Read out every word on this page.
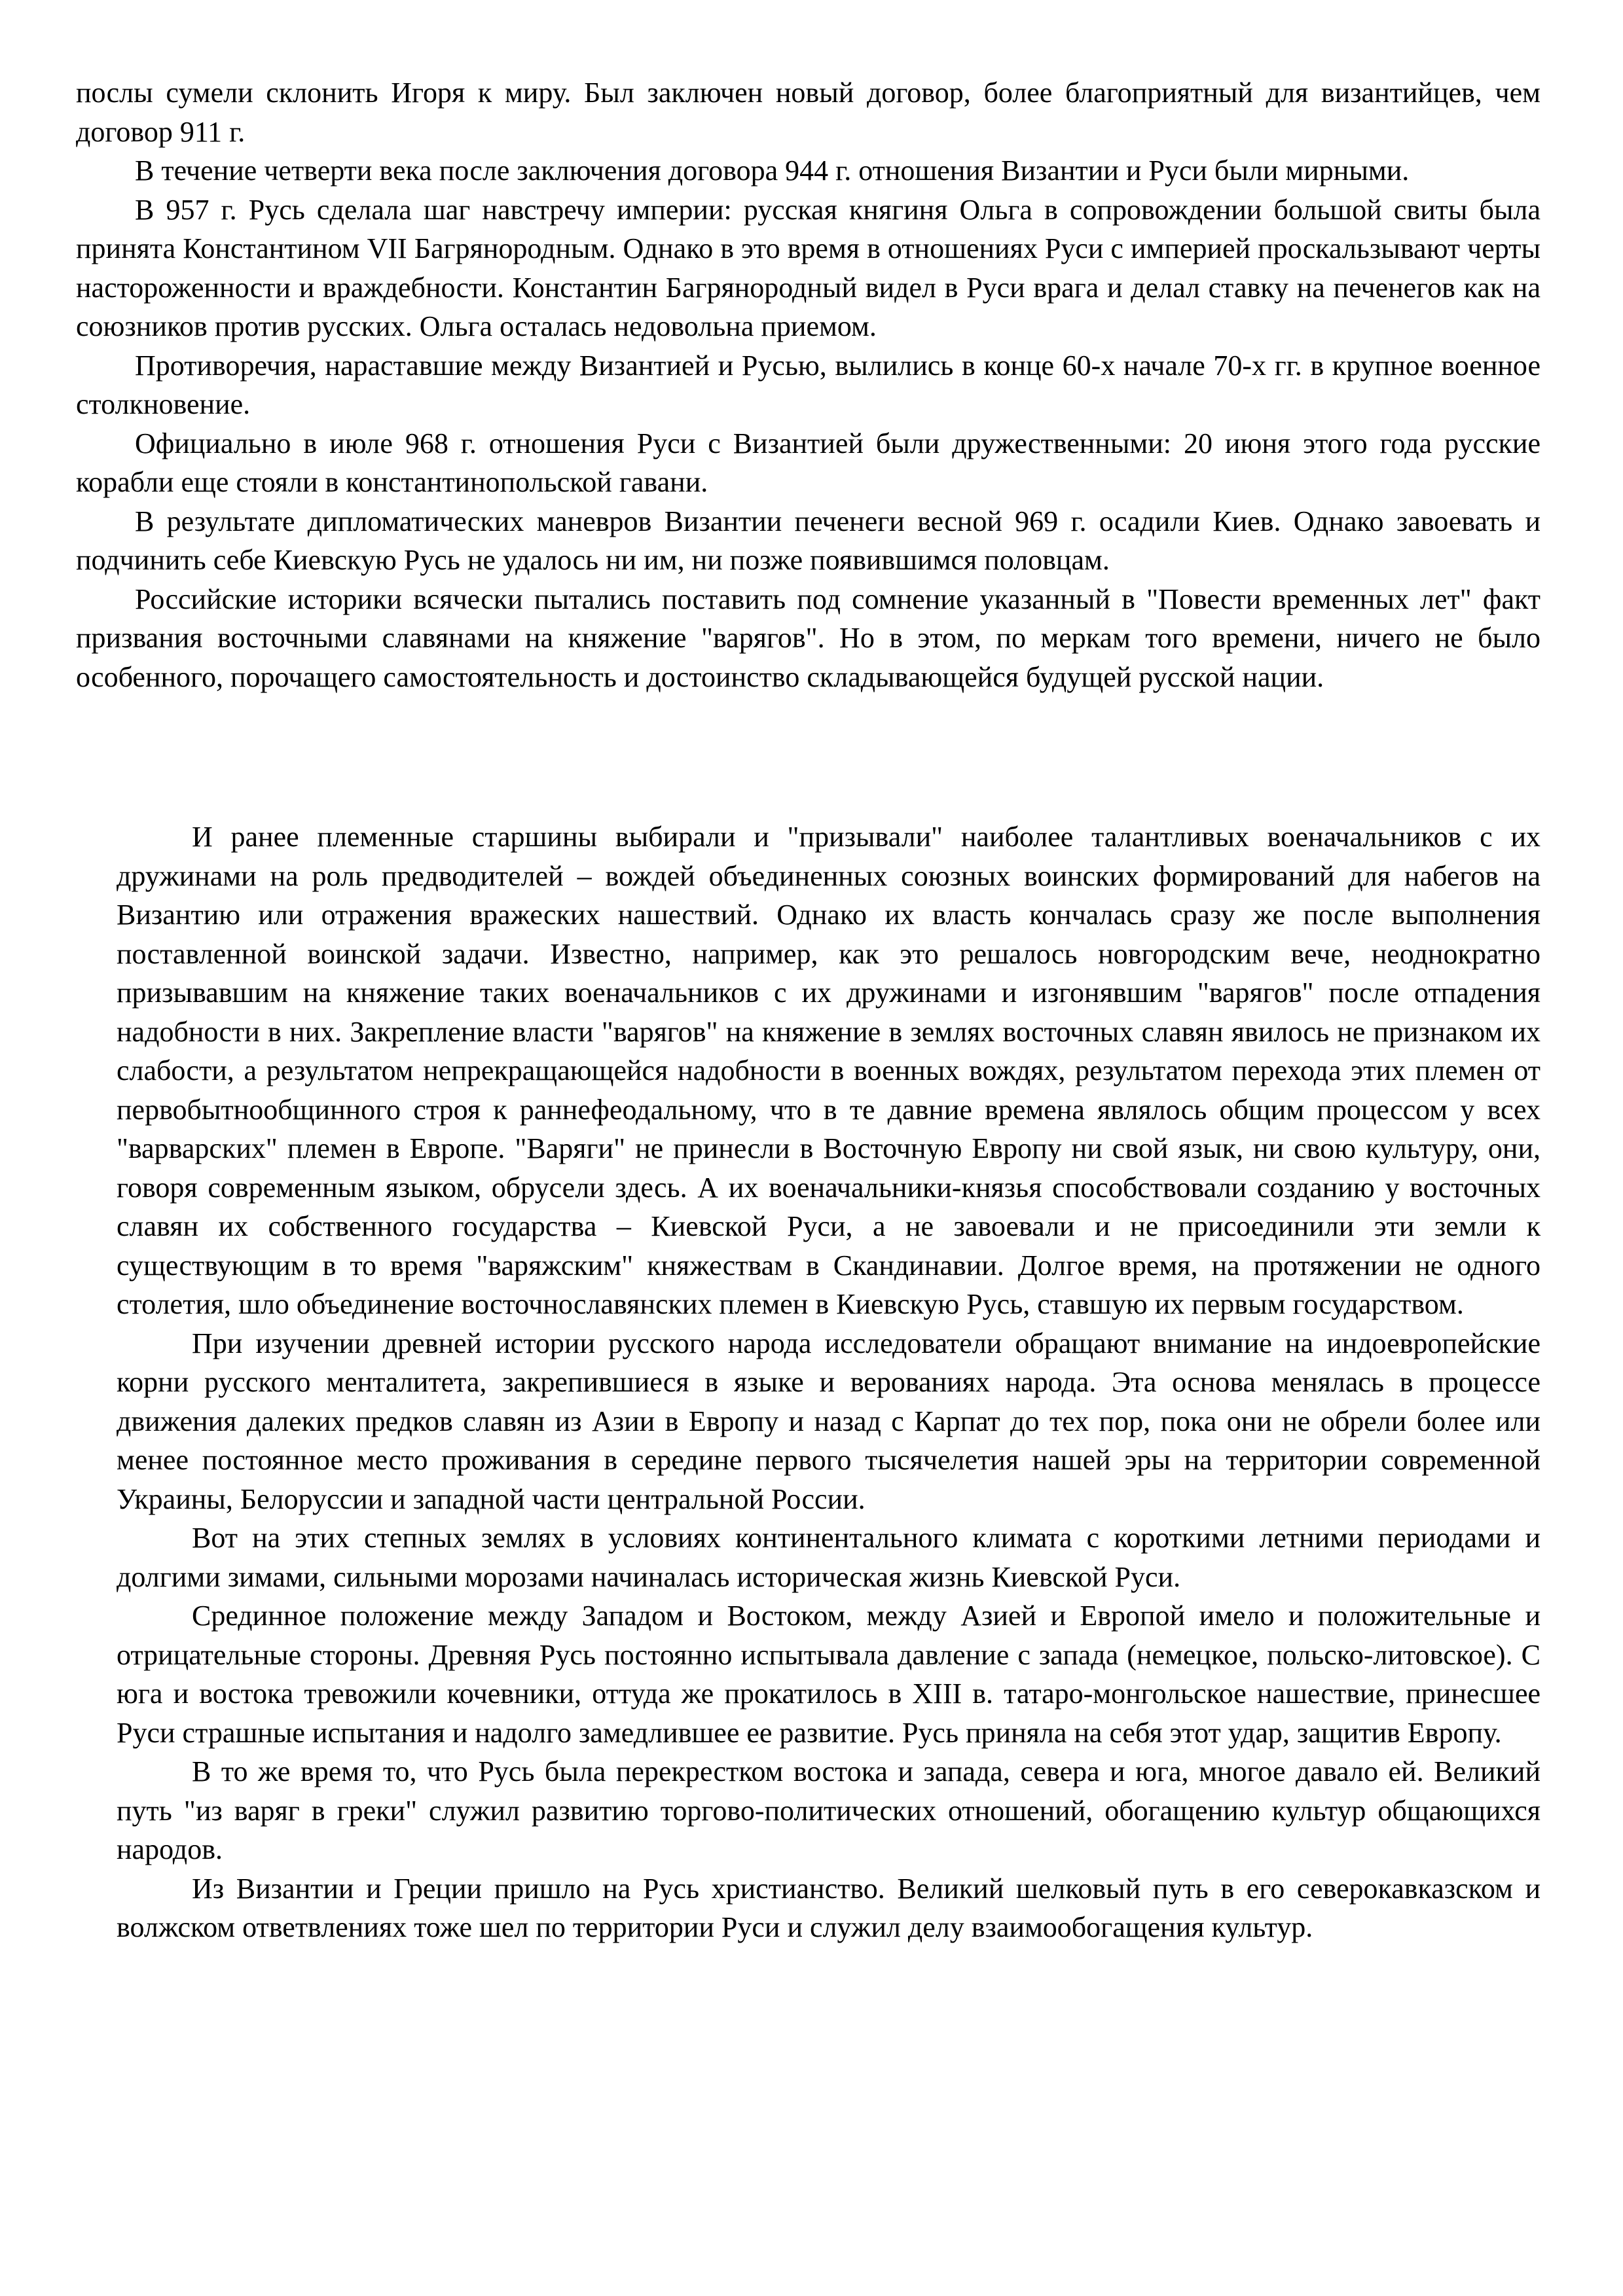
послы сумели склонить Игоря к миру. Был заключен новый договор, более благоприятный для византийцев, чем договор 911 г.

В течение четверти века после заключения договора 944 г. отношения Византии и Руси были мирными.

В 957 г. Русь сделала шаг навстречу империи: русская княгиня Ольга в сопровождении большой свиты была принята Константином VII Багрянородным. Однако в это время в отношениях Руси с империей проскальзывают черты настороженности и враждебности. Константин Багрянородный видел в Руси врага и делал ставку на печенегов как на союзников против русских. Ольга осталась недовольна приемом.

Противоречия, нараставшие между Византией и Русью, вылились в конце 60-х начале 70-х гг. в крупное военное столкновение.

Официально в июле 968 г. отношения Руси с Византией были дружественными: 20 июня этого года русские корабли еще стояли в константинопольской гавани.

В результате дипломатических маневров Византии печенеги весной 969 г. осадили Киев. Однако завоевать и подчинить себе Киевскую Русь не удалось ни им, ни позже появившимся половцам.

Российские историки всячески пытались поставить под сомнение указанный в "Повести временных лет" факт призвания восточными славянами на княжение "варягов". Но в этом, по меркам того времени, ничего не было особенного, порочащего самостоятельность и достоинство складывающейся будущей русской нации.

И ранее племенные старшины выбирали и "призывали" наиболее талантливых военачальников с их дружинами на роль предводителей – вождей объединенных союзных воинских формирований для набегов на Византию или отражения вражеских нашествий. Однако их власть кончалась сразу же после выполнения поставленной воинской задачи. Известно, например, как это решалось новгородским вече, неоднократно призывавшим на княжение таких военачальников с их дружинами и изгонявшим "варягов" после отпадения надобности в них. Закрепление власти "варягов" на княжение в землях восточных славян явилось не признаком их слабости, а результатом непрекращающейся надобности в военных вождях, результатом перехода этих племен от первобытнообщинного строя к раннефеодальному, что в те давние времена являлось общим процессом у всех "варварских" племен в Европе. "Варяги" не принесли в Восточную Европу ни свой язык, ни свою культуру, они, говоря современным языком, обрусели здесь. А их военачальники-князья способствовали созданию у восточных славян их собственного государства – Киевской Руси, а не завоевали и не присоединили эти земли к существующим в то время "варяжским" княжествам в Скандинавии. Долгое время, на протяжении не одного столетия, шло объединение восточнославянских племен в Киевскую Русь, ставшую их первым государством.

При изучении древней истории русского народа исследователи обращают внимание на индоевропейские корни русского менталитета, закрепившиеся в языке и верованиях народа. Эта основа менялась в процессе движения далеких предков славян из Азии в Европу и назад с Карпат до тех пор, пока они не обрели более или менее постоянное место проживания в середине первого тысячелетия нашей эры на территории современной Украины, Белоруссии и западной части центральной России.

Вот на этих степных землях в условиях континентального климата с короткими летними периодами и долгими зимами, сильными морозами начиналась историческая жизнь Киевской Руси.

Срединное положение между Западом и Востоком, между Азией и Европой имело и положительные и отрицательные стороны. Древняя Русь постоянно испытывала давление с запада (немецкое, польско-литовское). С юга и востока тревожили кочевники, оттуда же прокатилось в XIII в. татаро-монгольское нашествие, принесшее Руси страшные испытания и надолго замедлившее ее развитие. Русь приняла на себя этот удар, защитив Европу.

В то же время то, что Русь была перекрестком востока и запада, севера и юга, многое давало ей. Великий путь "из варяг в греки" служил развитию торгово-политических отношений, обогащению культур общающихся народов.

Из Византии и Греции пришло на Русь христианство. Великий шелковый путь в его северокавказском и волжском ответвлениях тоже шел по территории Руси и служил делу взаимообогащения культур.
